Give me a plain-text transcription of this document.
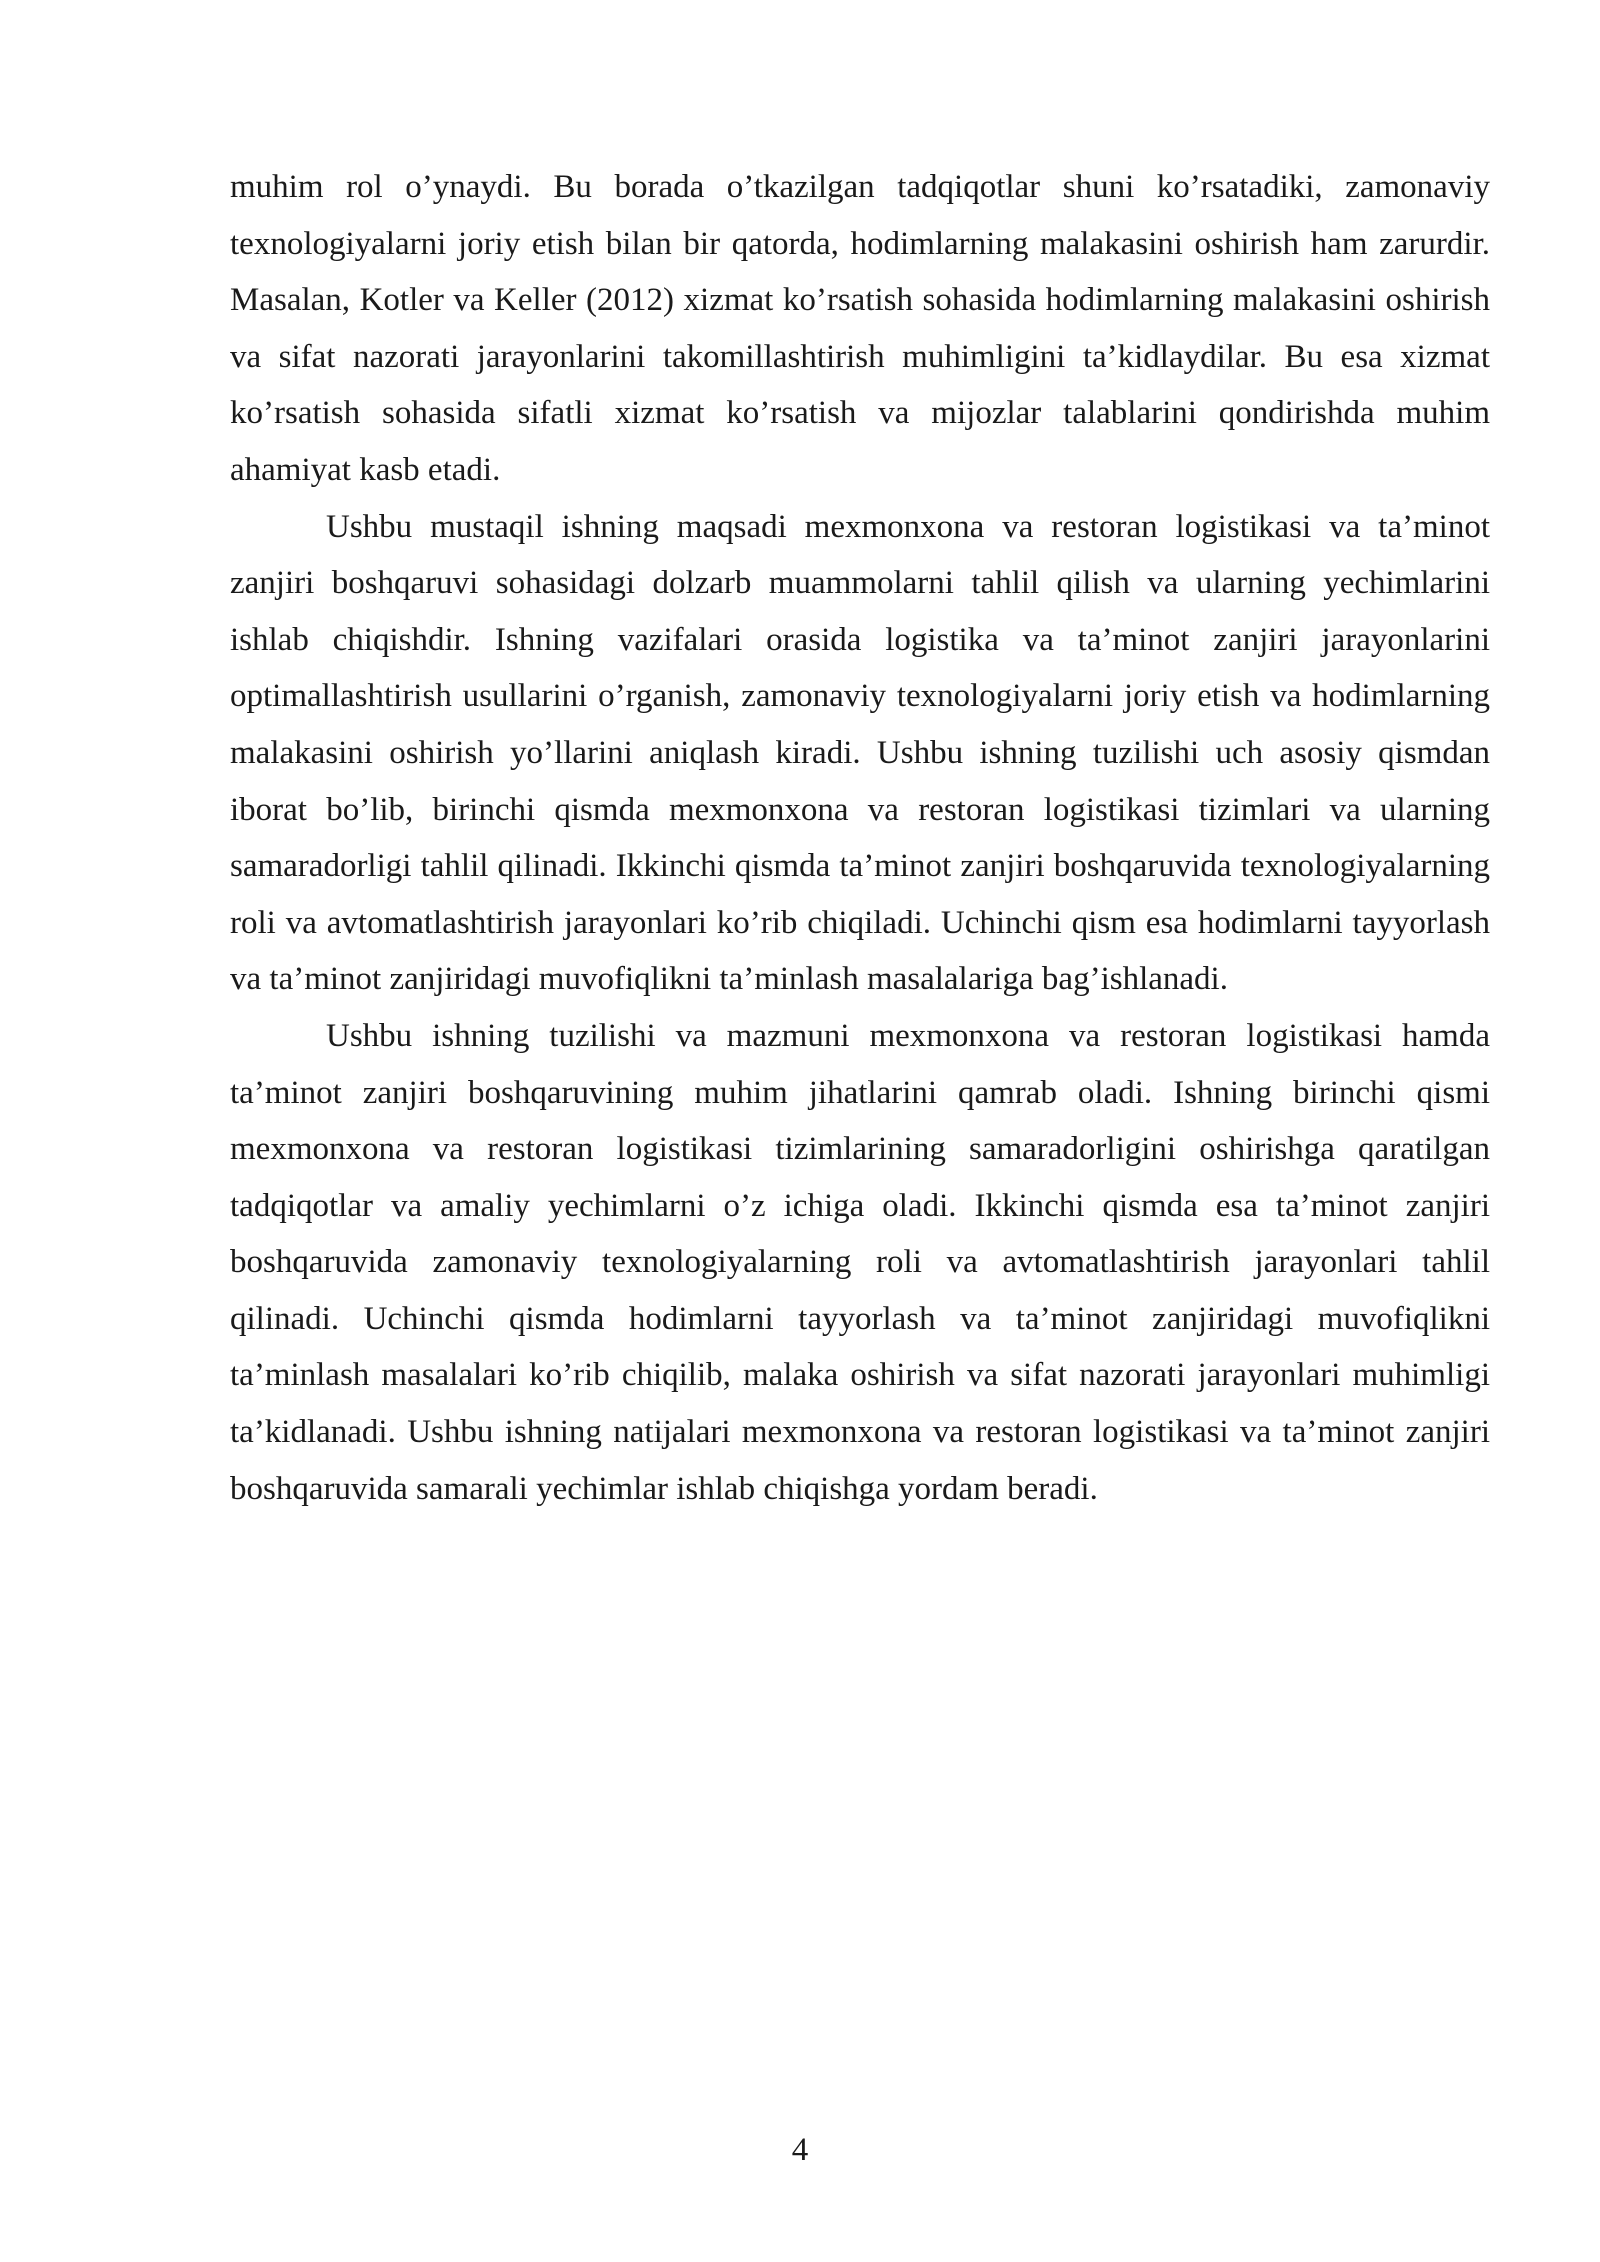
muhim rol o’ynaydi. Bu borada o’tkazilgan tadqiqotlar shuni ko’rsatadiki, zamonaviy texnologiyalarni joriy etish bilan bir qatorda, hodimlarning malakasini oshirish ham zarurdir. Masalan, Kotler va Keller (2012) xizmat ko’rsatish sohasida hodimlarning malakasini oshirish va sifat nazorati jarayonlarini takomillashtirish muhimligini ta’kidlaydilar. Bu esa xizmat ko’rsatish sohasida sifatli xizmat ko’rsatish va mijozlar talablarini qondirishda muhim ahamiyat kasb etadi.

Ushbu mustaqil ishning maqsadi mexmonxona va restoran logistikasi va ta’minot zanjiri boshqaruvi sohasidagi dolzarb muammolarni tahlil qilish va ularning yechimlarini ishlab chiqishdir. Ishning vazifalari orasida logistika va ta’minot zanjiri jarayonlarini optimallashtirish usullarini o’rganish, zamonaviy texnologiyalarni joriy etish va hodimlarning malakasini oshirish yo’llarini aniqlash kiradi. Ushbu ishning tuzilishi uch asosiy qismdan iborat bo’lib, birinchi qismda mexmonxona va restoran logistikasi tizimlari va ularning samaradorligi tahlil qilinadi. Ikkinchi qismda ta’minot zanjiri boshqaruvida texnologiyalarning roli va avtomatlashtirish jarayonlari ko’rib chiqiladi. Uchinchi qism esa hodimlarni tayyorlash va ta’minot zanjiridagi muvofiqlikni ta’minlash masalalariga bag’ishlanadi.

Ushbu ishning tuzilishi va mazmuni mexmonxona va restoran logistikasi hamda ta’minot zanjiri boshqaruvining muhim jihatlarini qamrab oladi. Ishning birinchi qismi mexmonxona va restoran logistikasi tizimlarining samaradorligini oshirishga qaratilgan tadqiqotlar va amaliy yechimlarni o’z ichiga oladi. Ikkinchi qismda esa ta’minot zanjiri boshqaruvida zamonaviy texnologiyalarning roli va avtomatlashtirish jarayonlari tahlil qilinadi. Uchinchi qismda hodimlarni tayyorlash va ta’minot zanjiridagi muvofiqlikni ta’minlash masalalari ko’rib chiqilib, malaka oshirish va sifat nazorati jarayonlari muhimligi ta’kidlanadi. Ushbu ishning natijalari mexmonxona va restoran logistikasi va ta’minot zanjiri boshqaruvida samarali yechimlar ishlab chiqishga yordam beradi.

4
